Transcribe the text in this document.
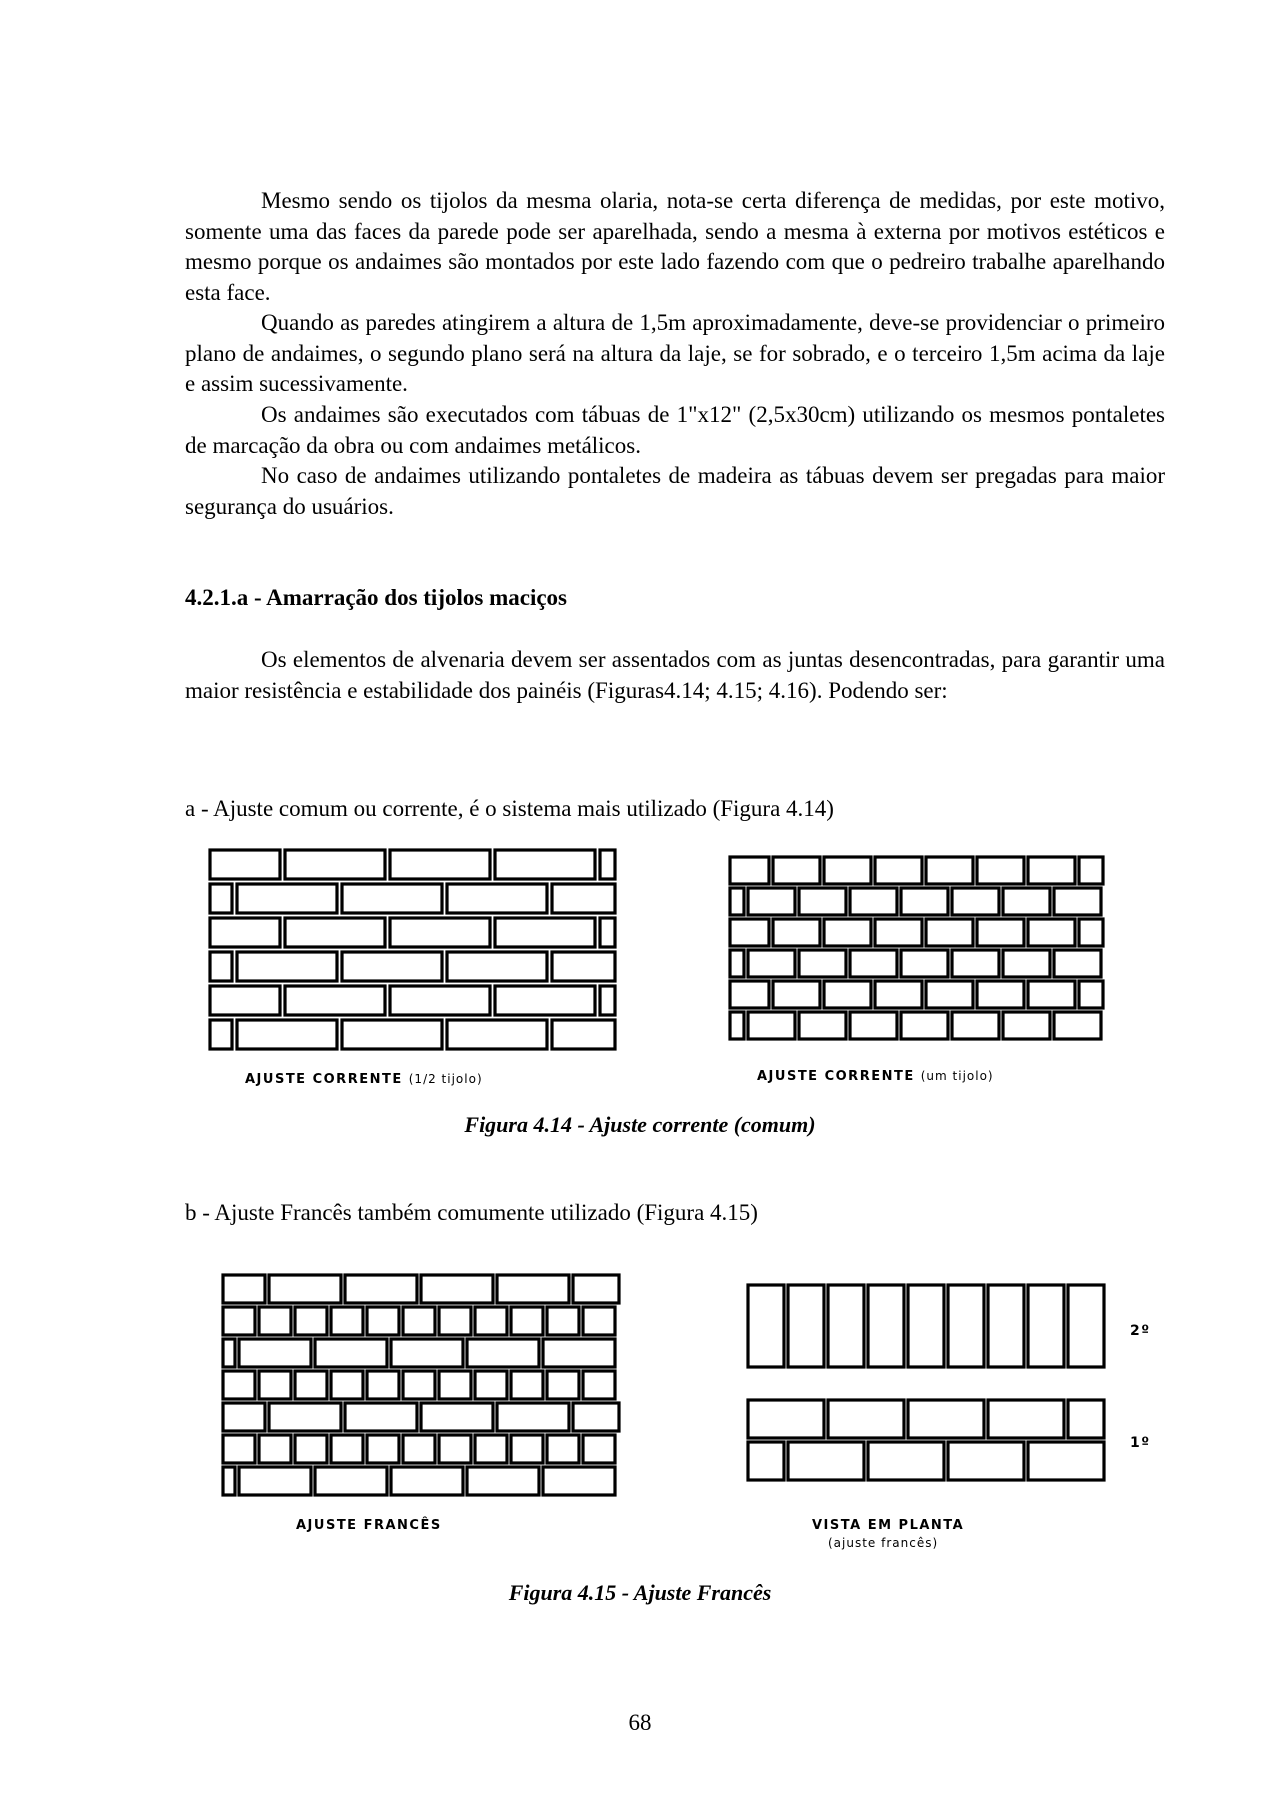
Mesmo sendo os tijolos da mesma olaria, nota-se certa diferença de medidas, por este motivo, somente uma das faces da parede pode ser aparelhada, sendo a mesma à externa por motivos estéticos e mesmo porque os andaimes são montados por este lado fazendo com que o pedreiro trabalhe aparelhando esta face.

Quando as paredes atingirem a altura de 1,5m aproximadamente, deve-se providenciar o primeiro plano de andaimes, o segundo plano será na altura da laje, se for sobrado, e o terceiro 1,5m acima da laje e assim sucessivamente.

Os andaimes são executados com tábuas de 1"x12" (2,5x30cm) utilizando os mesmos pontaletes de marcação da obra ou com andaimes metálicos.

No caso de andaimes utilizando pontaletes de madeira as tábuas devem ser pregadas para maior segurança do usuários.

4.2.1.a - Amarração dos tijolos maciços

Os elementos de alvenaria devem ser assentados com as juntas desencontradas, para garantir uma maior resistência e estabilidade dos painéis (Figuras4.14; 4.15; 4.16). Podendo ser:

a - Ajuste comum ou corrente, é o sistema mais utilizado (Figura 4.14)

AJUSTE CORRENTE (1/2 tijolo)	AJUSTE CORRENTE (um tijolo)

Figura 4.14 - Ajuste corrente (comum)

b - Ajuste Francês também comumente utilizado (Figura 4.15)

AJUSTE FRANCÊS

2º

1º

VISTA EM PLANTA

(ajuste francês)

Figura 4.15 - Ajuste Francês

68
